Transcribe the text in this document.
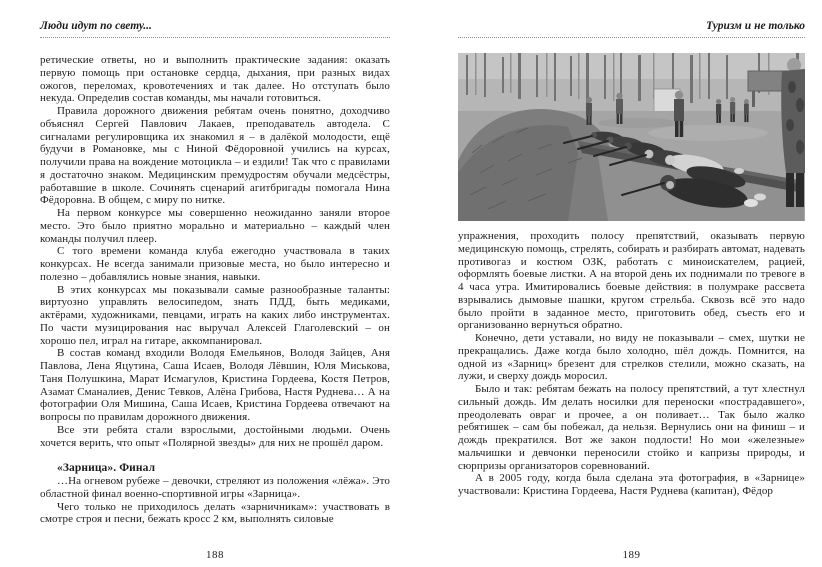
Люди идут по свету...

ретические ответы, но и выполнить практические задания: оказать первую помощь при остановке сердца, дыхания, при разных видах ожогов, переломах, кровотечениях и так далее. Но отступать было некуда. Определив состав команды, мы начали готовиться.

Правила дорожного движения ребятам очень понятно, доходчиво объяснял Сергей Павлович Лакаев, преподаватель автодела. С сигналами регулировщика их знакомил я – в далёкой молодости, ещё будучи в Романовке, мы с Ниной Фёдоровной учились на курсах, получили права на вождение мотоцикла – и ездили! Так что с правилами я достаточно знаком. Медицинским премудростям обучали медсёстры, работавшие в школе. Сочинять сценарий агитбригады помогала Нина Фёдоровна. В общем, с миру по нитке.

На первом конкурсе мы совершенно неожиданно заняли второе место. Это было приятно морально и материально – каждый член команды получил плеер.

С того времени команда клуба ежегодно участвовала в таких конкурсах. Не всегда занимали призовые места, но было интересно и полезно – добавлялись новые знания, навыки.

В этих конкурсах мы показывали самые разнообразные таланты: виртуозно управлять велосипедом, знать ПДД, быть медиками, актёрами, художниками, певцами, играть на каких либо инструментах. По части музицирования нас выручал Алексей Глаголевский – он хорошо пел, играл на гитаре, аккомпанировал.

В состав команд входили Володя Емельянов, Володя Зайцев, Аня Павлова, Лена Яцутина, Саша Исаев, Володя Лёвшин, Юля Миськова, Таня Полушкина, Марат Исмагулов, Кристина Гордеева, Костя Петров, Азамат Сманалиев, Денис Тевков, Алёна Грибова, Настя Руднева… А на фотографии Оля Мишина, Саша Исаев, Кристина Гордеева отвечают на вопросы по правилам дорожного движения.

Все эти ребята стали взрослыми, достойными людьми. Очень хочется верить, что опыт «Полярной звезды» для них не прошёл даром.

«Зарница». Финал

…На огневом рубеже – девочки, стреляют из положения «лёжа». Это областной финал военно-спортивной игры «Зарница».

Чего только не приходилось делать «зарничникам»: участвовать в смотре строя и песни, бежать кросс 2 км, выполнять силовые

188
Туризм и не только

упражнения, проходить полосу препятствий, оказывать первую медицинскую помощь, стрелять, собирать и разбирать автомат, надевать противогаз и костюм ОЗК, работать с миноискателем, рацией, оформлять боевые листки. А на второй день их поднимали по тревоге в 4 часа утра. Имитировались боевые действия: в полумраке рассвета взрывались дымовые шашки, кругом стрельба. Сквозь всё это надо было пройти в заданное место, приготовить обед, съесть его и организованно вернуться обратно.

Конечно, дети уставали, но виду не показывали – смех, шутки не прекращались. Даже когда было холодно, шёл дождь. Помнится, на одной из «Зарниц» брезент для стрелков стелили, можно сказать, на лужи, и сверху дождь моросил.

Было и так: ребятам бежать на полосу препятствий, а тут хлестнул сильный дождь. Им делать носилки для переноски «пострадавшего», преодолевать овраг и прочее, а он поливает… Так было жалко ребятишек – сам бы побежал, да нельзя. Вернулись они на финиш – и дождь прекратился. Вот же закон подлости! Но мои «железные» мальчишки и девчонки переносили стойко и капризы природы, и сюрпризы организаторов соревнований.

А в 2005 году, когда была сделана эта фотография, в «Зарнице» участвовали: Кристина Гордеева, Настя Руднева (капитан), Фёдор

189
